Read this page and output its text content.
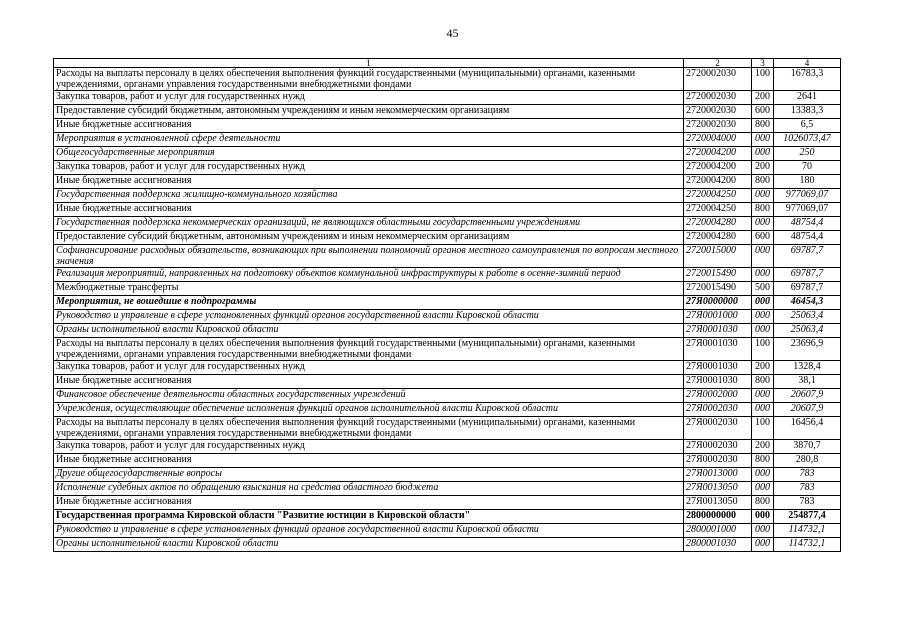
45
1	2	3	4
Расходы на выплаты персоналу в целях обеспечения выполнения функций государственными (муниципальными) органами, казенными учреждениями, органами управления государственными внебюджетными фондами	2720002030	100	16783,3
Закупка товаров, работ и услуг для государственных нужд	2720002030	200	2641
Предоставление субсидий бюджетным, автономным учреждениям и иным некоммерческим организациям	2720002030	600	13383,3
Иные бюджетные ассигнования	2720002030	800	6,5
Мероприятия в установленной сфере деятельности	2720004000	000	1026073,47
Общегосударственные мероприятия	2720004200	000	250
Закупка товаров, работ и услуг для государственных нужд	2720004200	200	70
Иные бюджетные ассигнования	2720004200	800	180
Государственная поддержка жилищно-коммунального хозяйства	2720004250	000	977069,07
Иные бюджетные ассигнования	2720004250	800	977069,07
Государственная поддержка некоммерческих организаций, не являющихся областными государственными учреждениями	2720004280	000	48754,4
Предоставление субсидий бюджетным, автономным учреждениям и иным некоммерческим организациям	2720004280	600	48754,4
Софинансирование расходных обязательств, возникающих при выполнении полномочий органов местного самоуправления по вопросам местного значения	2720015000	000	69787,7
Реализация мероприятий, направленных на подготовку объектов коммунальной инфраструктуры к работе в осенне-зимний период	2720015490	000	69787,7
Межбюджетные трансферты	2720015490	500	69787,7
Мероприятия, не вошедшие в подпрограммы	27Я0000000	000	46454,3
Руководство и управление в сфере установленных функций органов государственной власти Кировской области	27Я0001000	000	25063,4
Органы исполнительной власти Кировской области	27Я0001030	000	25063,4
Расходы на выплаты персоналу в целях обеспечения выполнения функций государственными (муниципальными) органами, казенными учреждениями, органами управления государственными внебюджетными фондами	27Я0001030	100	23696,9
Закупка товаров, работ и услуг для государственных нужд	27Я0001030	200	1328,4
Иные бюджетные ассигнования	27Я0001030	800	38,1
Финансовое обеспечение деятельности областных государственных учреждений	27Я0002000	000	20607,9
Учреждения, осуществляющие обеспечение исполнения функций органов исполнительной власти Кировской области	27Я0002030	000	20607,9
Расходы на выплаты персоналу в целях обеспечения выполнения функций государственными (муниципальными) органами, казенными учреждениями, органами управления государственными внебюджетными фондами	27Я0002030	100	16456,4
Закупка товаров, работ и услуг для государственных нужд	27Я0002030	200	3870,7
Иные бюджетные ассигнования	27Я0002030	800	280,8
Другие общегосударственные вопросы	27Я0013000	000	783
Исполнение судебных актов по обращению взыскания на средства областного бюджета	27Я0013050	000	783
Иные бюджетные ассигнования	27Я0013050	800	783
Государственная программа Кировской области "Развитие юстиции в Кировской области"	2800000000	000	254877,4
Руководство и управление в сфере установленных функций органов государственной власти Кировской области	2800001000	000	114732,1
Органы исполнительной власти Кировской области	2800001030	000	114732,1
